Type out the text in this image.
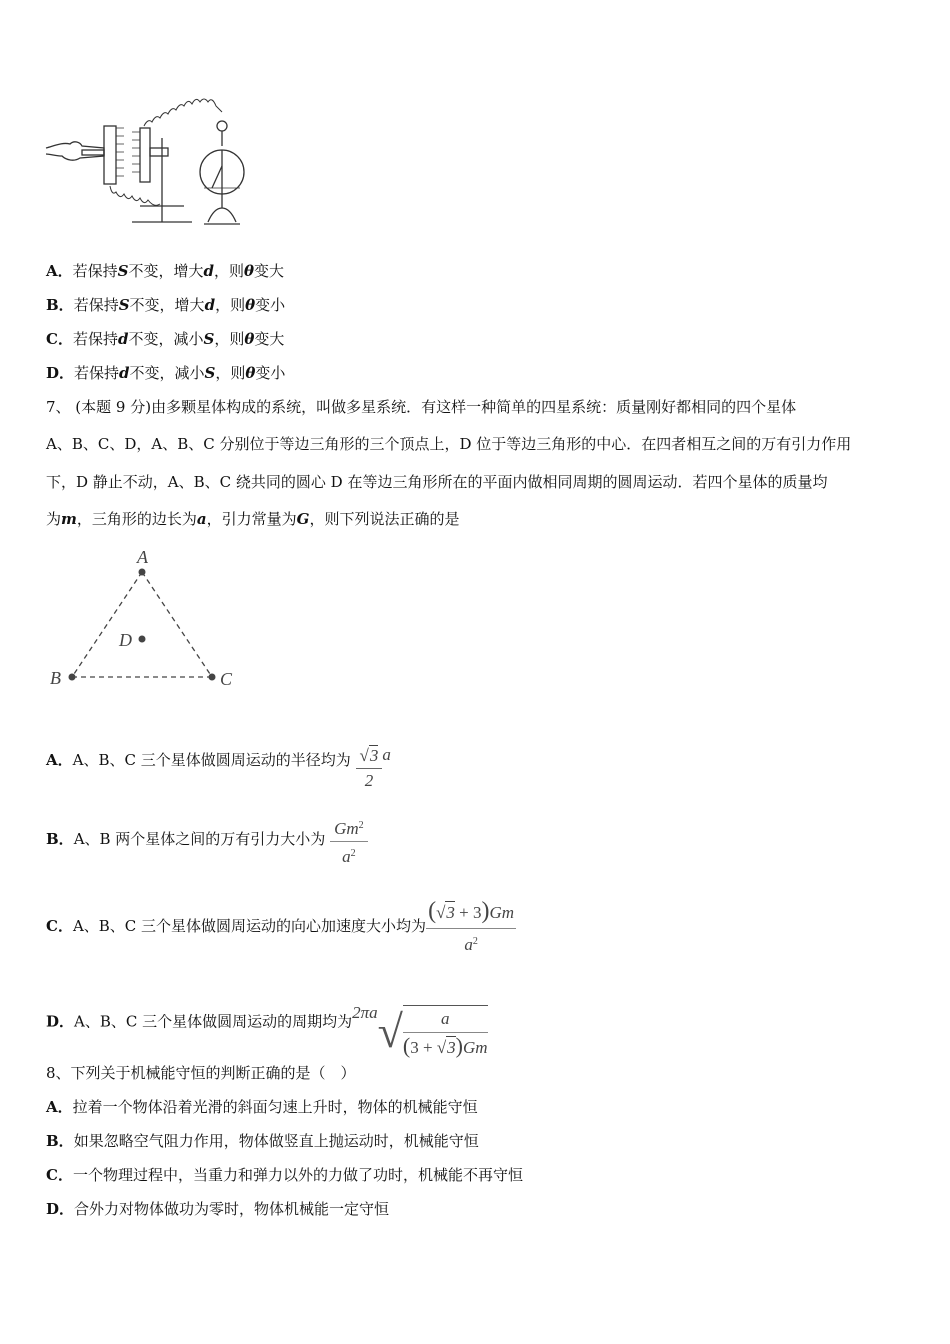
A．若保持S不变，增大d，则θ变大
B．若保持S不变，增大d，则θ变小
C．若保持d不变，减小S，则θ变大
D．若保持d不变，减小S，则θ变小
7、 (本题 9 分)由多颗星体构成的系统，叫做多星系统．有这样一种简单的四星系统：质量刚好都相同的四个星体
A、B、C、D，A、B、C 分别位于等边三角形的三个顶点上，D 位于等边三角形的中心．在四者相互之间的万有引力作用
下，D 静止不动，A、B、C 绕共同的圆心 D 在等边三角形所在的平面内做相同周期的圆周运动．若四个星体的质量均
为m，三角形的边长为a，引力常量为G，则下列说法正确的是
A
B	C
D
A．A、B、C 三个星体做圆周运动的半径均为 $\frac{√3}{2}$ a
B．A、B 两个星体之间的万有引力大小为 $\frac{Gm^2}{a^2}$
C．A、B、C 三个星体做圆周运动的向心加速度大小均为 $\frac{(√3 + 3)Gm}{a^2}$
D．A、B、C 三个星体做圆周运动的周期均为$2\pi a√ \frac{a}{(3 + √3)Gm}$
8、下列关于机械能守恒的判断正确的是（　）
A．拉着一个物体沿着光滑的斜面匀速上升时，物体的机械能守恒
B．如果忽略空气阻力作用，物体做竖直上抛运动时，机械能守恒
C．一个物理过程中，当重力和弹力以外的力做了功时，机械能不再守恒
D．合外力对物体做功为零时，物体机械能一定守恒
